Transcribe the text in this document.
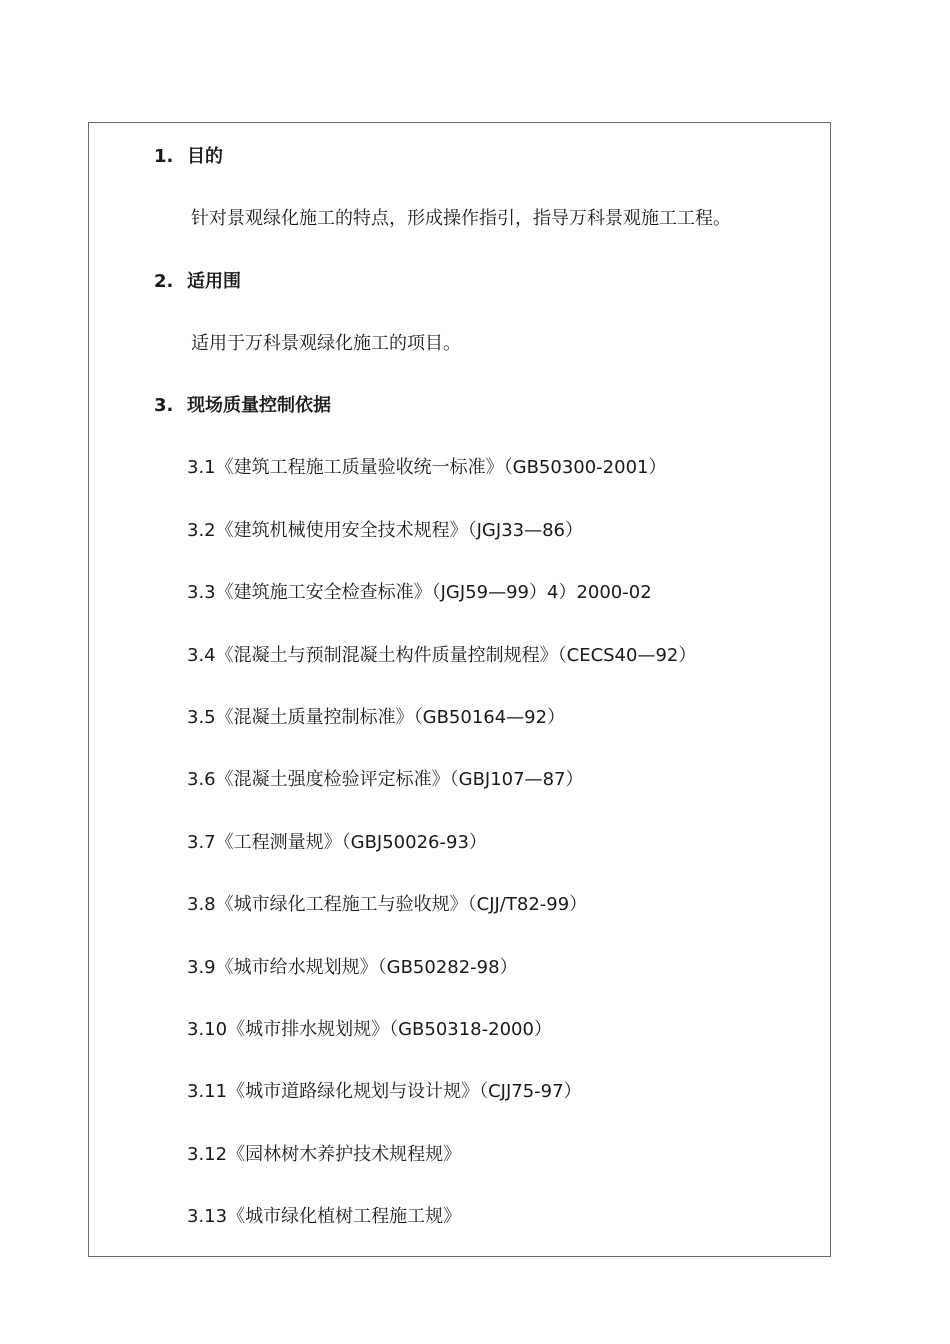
1. 目的
针对景观绿化施工的特点，形成操作指引，指导万科景观施工工程。
2. 适用围
适用于万科景观绿化施工的项目。
3. 现场质量控制依据
3.1《建筑工程施工质量验收统一标准》（GB50300-2001）
3.2《建筑机械使用安全技术规程》（JGJ33—86）
3.3《建筑施工安全检查标准》（JGJ59—99）4）2000-02
3.4《混凝土与预制混凝土构件质量控制规程》（CECS40—92）
3.5《混凝土质量控制标准》（GB50164—92）
3.6《混凝土强度检验评定标准》（GBJ107—87）
3.7《工程测量规》（GBJ50026-93）
3.8《城市绿化工程施工与验收规》（CJJ/T82-99）
3.9《城市给水规划规》（GB50282-98）
3.10《城市排水规划规》（GB50318-2000）
3.11《城市道路绿化规划与设计规》（CJJ75-97）
3.12《园林树木养护技术规程规》
3.13《城市绿化植树工程施工规》
